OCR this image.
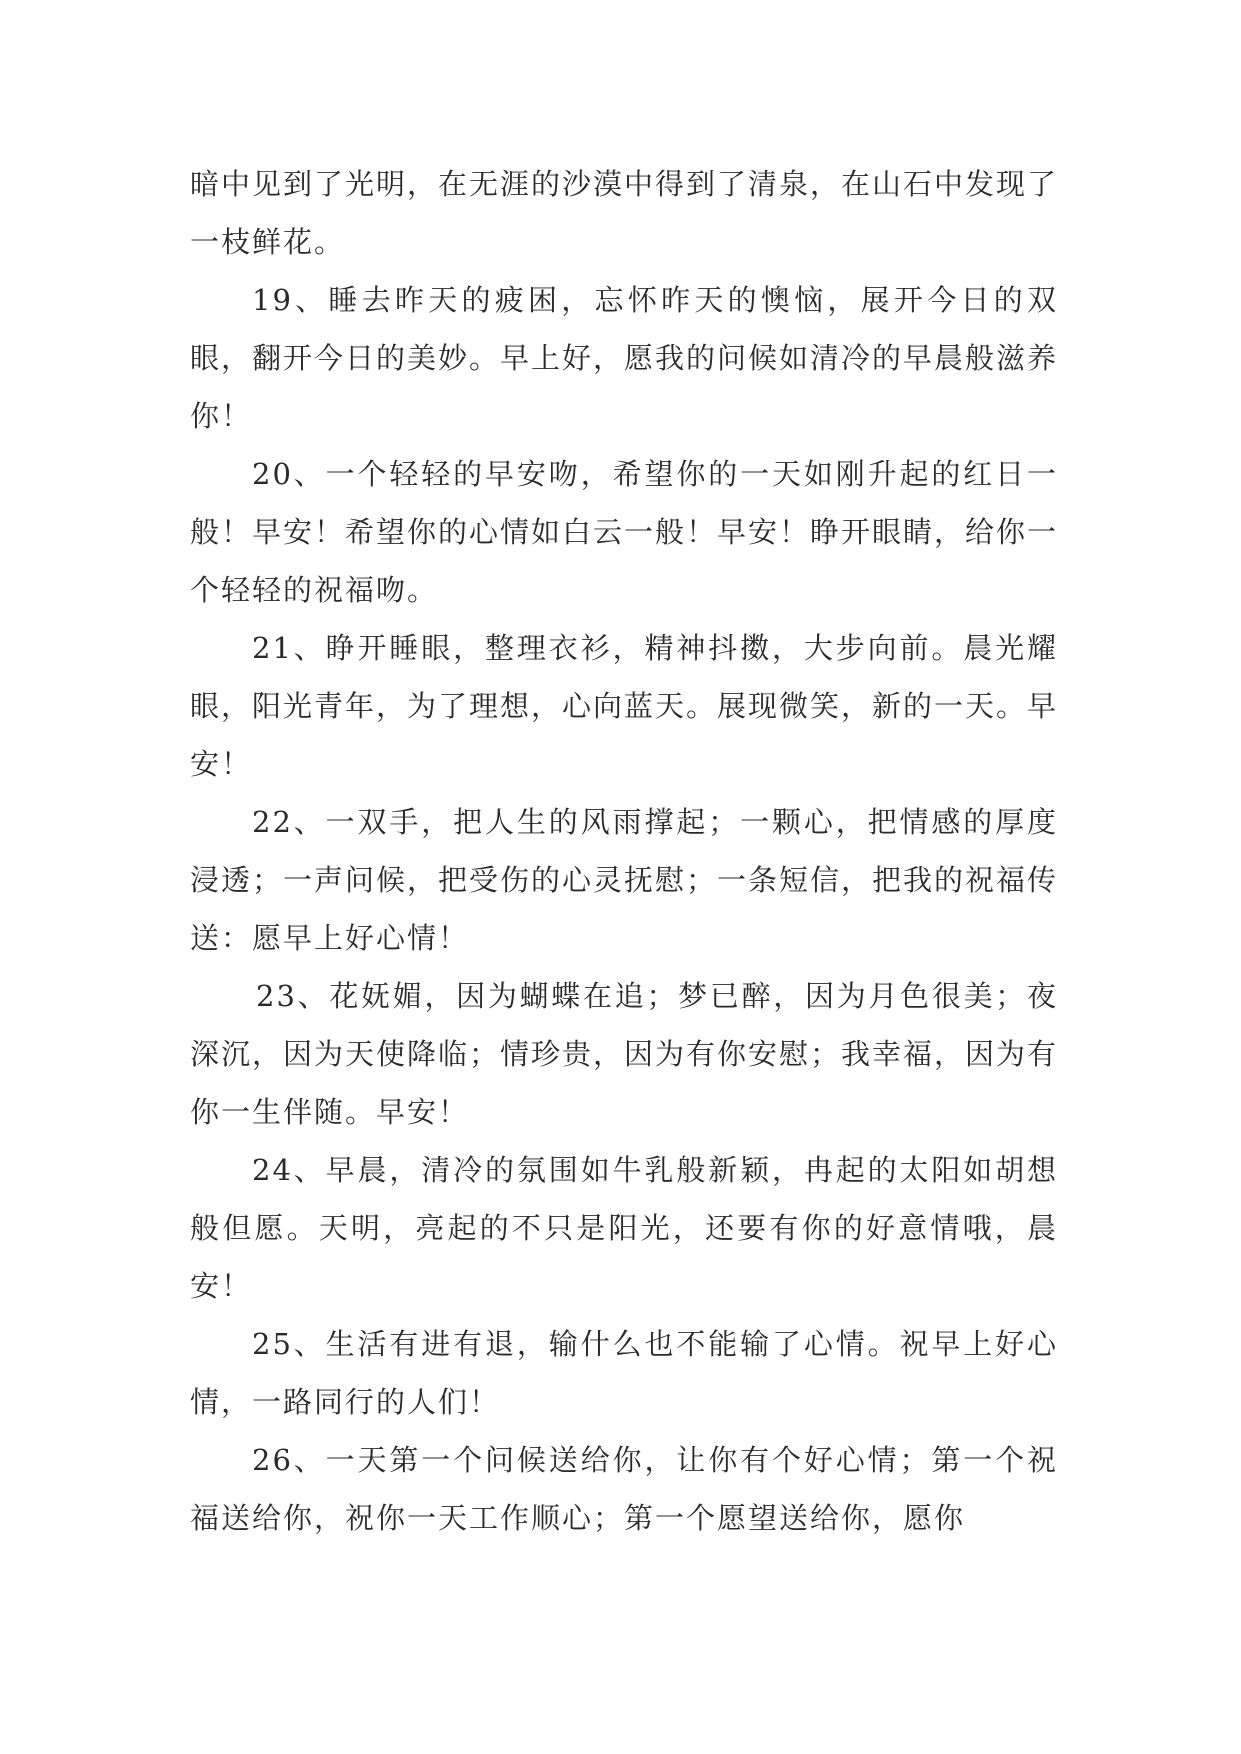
暗中见到了光明，在无涯的沙漠中得到了清泉，在山石中发现了一枝鲜花。

19、睡去昨天的疲困，忘怀昨天的懊恼，展开今日的双眼，翻开今日的美妙。早上好，愿我的问候如清冷的早晨般滋养你！

20、一个轻轻的早安吻，希望你的一天如刚升起的红日一般！早安！希望你的心情如白云一般！早安！睁开眼睛，给你一个轻轻的祝福吻。

21、睁开睡眼，整理衣衫，精神抖擞，大步向前。晨光耀眼，阳光青年，为了理想，心向蓝天。展现微笑，新的一天。早安！

22、一双手，把人生的风雨撑起；一颗心，把情感的厚度浸透；一声问候，把受伤的心灵抚慰；一条短信，把我的祝福传送：愿早上好心情！

23、花妩媚，因为蝴蝶在追；梦已醉，因为月色很美；夜深沉，因为天使降临；情珍贵，因为有你安慰；我幸福，因为有你一生伴随。早安！

24、早晨，清冷的氛围如牛乳般新颖，冉起的太阳如胡想般但愿。天明，亮起的不只是阳光，还要有你的好意情哦，晨安！

25、生活有进有退，输什么也不能输了心情。祝早上好心情，一路同行的人们！

26、一天第一个问候送给你，让你有个好心情；第一个祝福送给你，祝你一天工作顺心；第一个愿望送给你，愿你
